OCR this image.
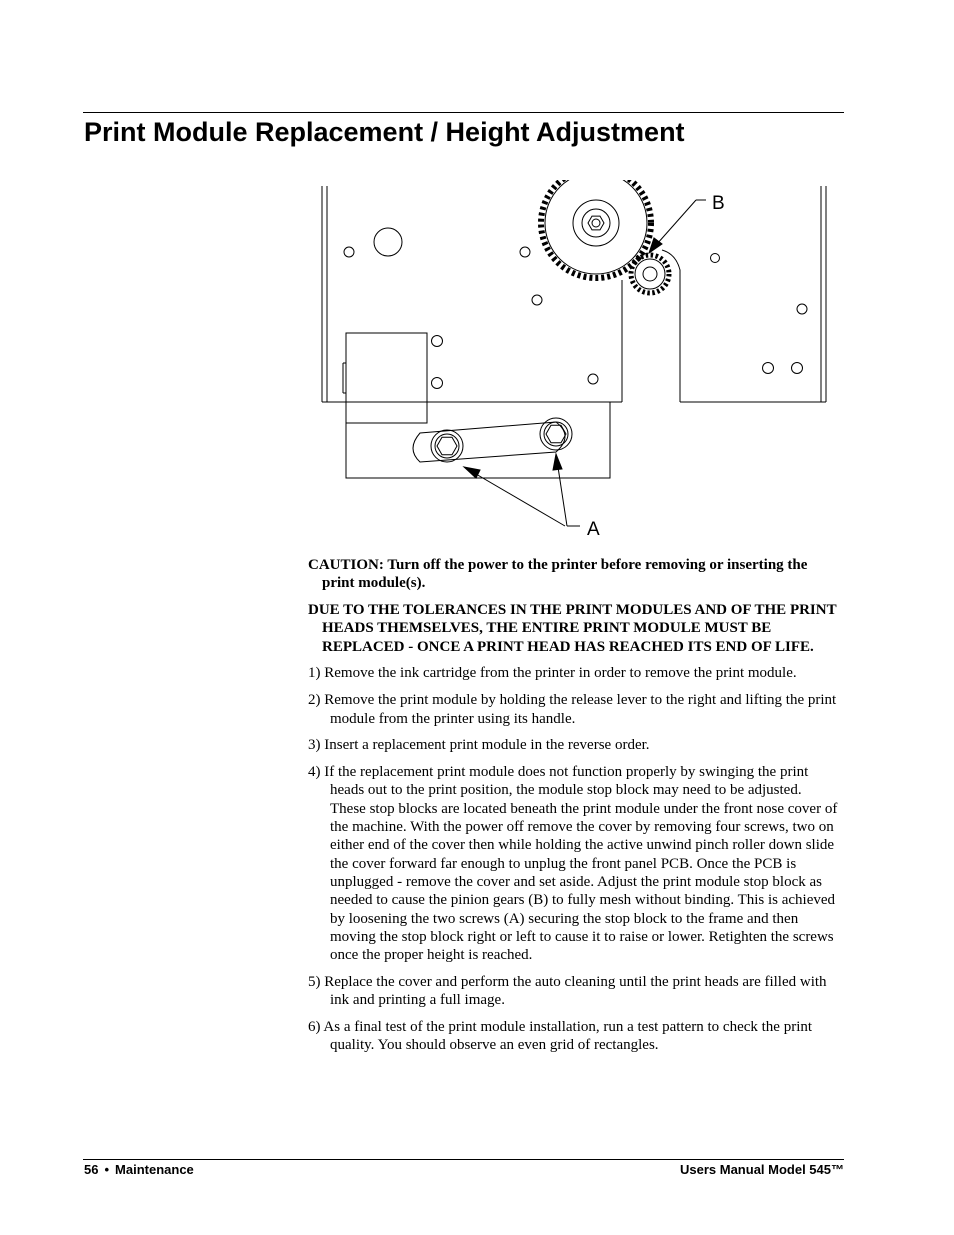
Print Module Replacement / Height Adjustment
B
A

CAUTION: Turn off the power to the printer before removing or inserting the print module(s).

DUE TO THE TOLERANCES IN THE PRINT MODULES AND OF THE PRINT HEADS THEMSELVES, THE ENTIRE PRINT MODULE MUST BE REPLACED - ONCE A PRINT HEAD HAS REACHED ITS END OF LIFE.

1) Remove the ink cartridge from the printer in order to remove the print module.

2) Remove the print module by holding the release lever to the right and lifting the print module from the printer using its handle.

3) Insert a replacement print module in the reverse order.

4) If the replacement print module does not function properly by swinging the print heads out to the print position, the module stop block may need to be adjusted. These stop blocks are located beneath the print module under the front nose cover of the machine. With the power off remove the cover by removing four screws, two on either end of the cover then while holding the active unwind pinch roller down slide the cover forward far enough to unplug the front panel PCB. Once the PCB is unplugged - remove the cover and set aside. Adjust the print module stop block as needed to cause the pinion gears (B) to fully mesh without binding. This is achieved by loosening the two screws (A) securing the stop block to the frame and then moving the stop block right or left to cause it to raise or lower. Retighten the screws once the proper height is reached.

5) Replace the cover and perform the auto cleaning until the print heads are filled with ink and printing a full image.

6) As a final test of the print module installation, run a test pattern to check the print quality. You should observe an even grid of rectangles.

56 • Maintenance	Users Manual Model 545™
